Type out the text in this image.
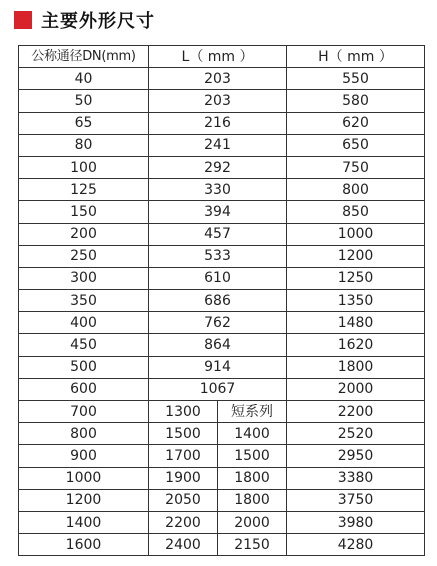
主要外形尺寸
公称通径DN(mm)	L（ mm ）		H（ mm ）
40	203		550
50	203		580
65	216		620
80	241		650
100	292		750
125	330		800
150	394		850
200	457		1000
250	533		1200
300	610		1250
350	686		1350
400	762		1480
450	864		1620
500	914		1800
600	1067		2000
700	1300	短系列	2200
800	1500	1400	2520
900	1700	1500	2950
1000	1900	1800	3380
1200	2050	1800	3750
1400	2200	2000	3980
1600	2400	2150	4280
